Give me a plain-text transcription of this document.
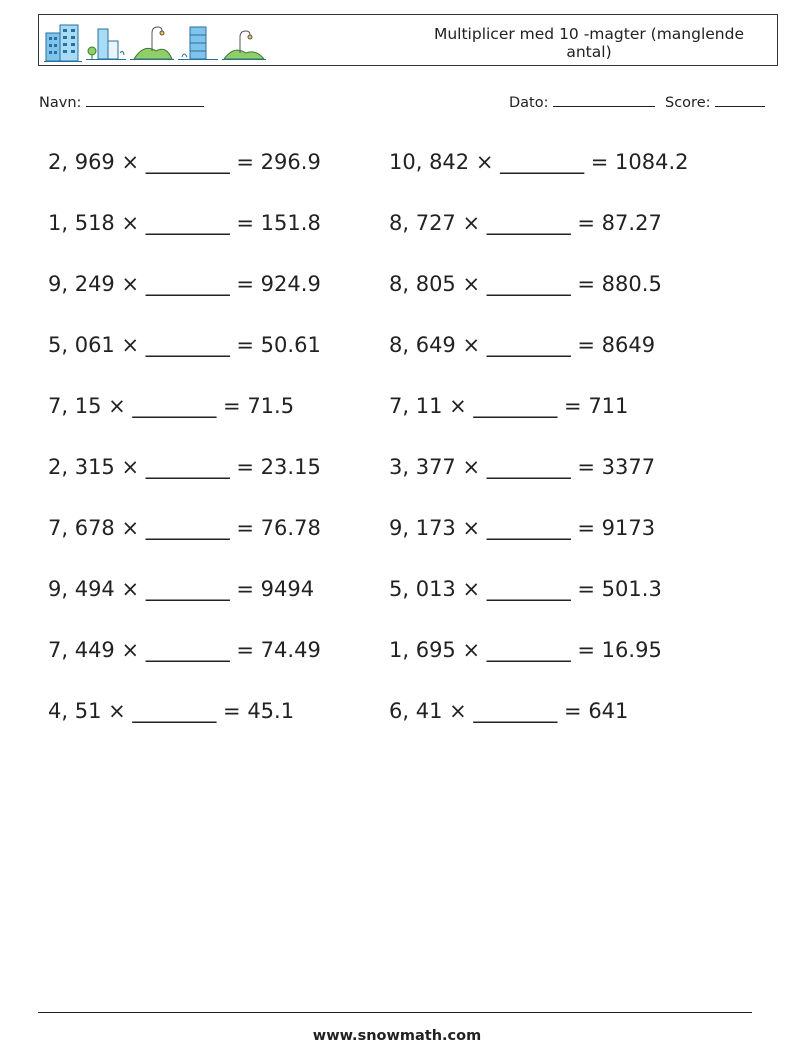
Multiplicer med 10 -magter (manglende antal)
Navn:	Dato:	Score:
2, 969 × ________ = 296.9
1, 518 × ________ = 151.8
9, 249 × ________ = 924.9
5, 061 × ________ = 50.61
7, 15 × ________ = 71.5
2, 315 × ________ = 23.15
7, 678 × ________ = 76.78
9, 494 × ________ = 9494
7, 449 × ________ = 74.49
4, 51 × ________ = 45.1
10, 842 × ________ = 1084.2
8, 727 × ________ = 87.27
8, 805 × ________ = 880.5
8, 649 × ________ = 8649
7, 11 × ________ = 711
3, 377 × ________ = 3377
9, 173 × ________ = 9173
5, 013 × ________ = 501.3
1, 695 × ________ = 16.95
6, 41 × ________ = 641
www.snowmath.com
